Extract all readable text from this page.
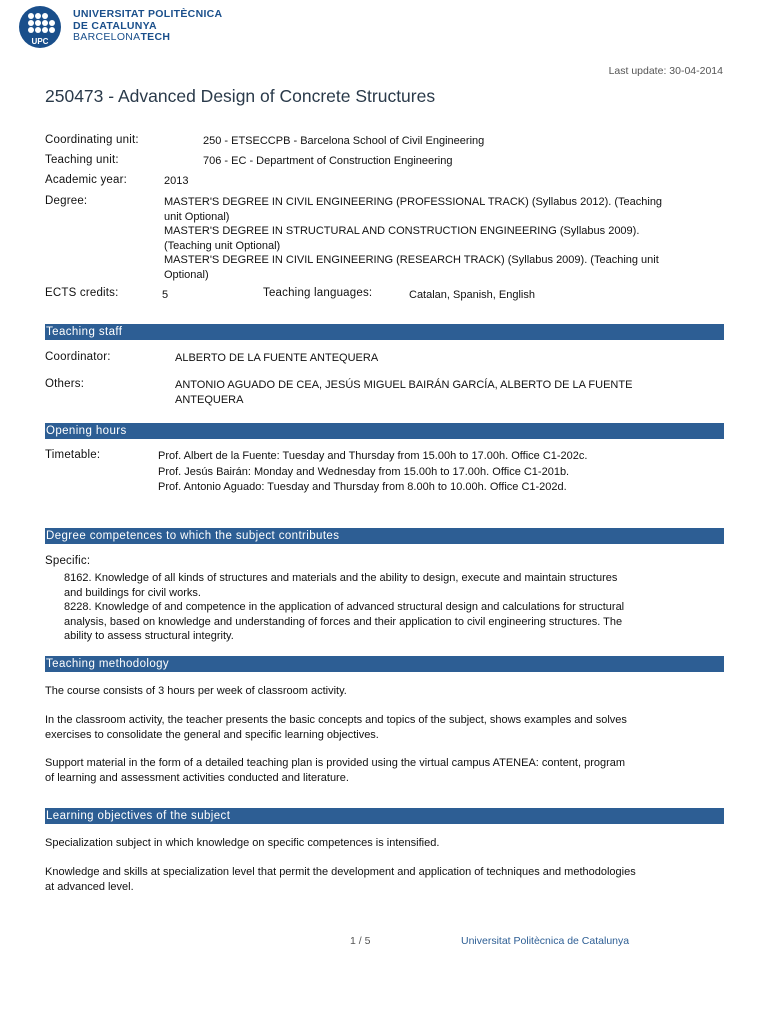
UPC
UNIVERSITAT POLITÈCNICA
DE CATALUNYA
BARCELONATECH
Last update: 30-04-2014
250473 - Advanced Design of Concrete Structures
Coordinating unit:	250 - ETSECCPB - Barcelona School of Civil Engineering
Teaching unit:	706 - EC - Department of Construction Engineering
Academic year:	2013
Degree:	MASTER'S DEGREE IN CIVIL ENGINEERING (PROFESSIONAL TRACK) (Syllabus 2012). (Teaching
unit Optional)
MASTER'S DEGREE IN STRUCTURAL AND CONSTRUCTION ENGINEERING (Syllabus 2009).
(Teaching unit Optional)
MASTER'S DEGREE IN CIVIL ENGINEERING (RESEARCH TRACK) (Syllabus 2009). (Teaching unit
Optional)
ECTS credits:	5	Teaching languages:	Catalan, Spanish, English
Teaching staff
Coordinator:	ALBERTO DE LA FUENTE ANTEQUERA
Others:	ANTONIO AGUADO DE CEA, JESÚS MIGUEL BAIRÁN GARCÍA, ALBERTO DE LA FUENTE
ANTEQUERA
Opening hours
Timetable:	Prof. Albert de la Fuente: Tuesday and Thursday from 15.00h to 17.00h. Office C1-202c.
Prof. Jesús Bairán: Monday and Wednesday from 15.00h to 17.00h. Office C1-201b.
Prof. Antonio Aguado: Tuesday and Thursday from 8.00h to 10.00h. Office C1-202d.
Degree competences to which the subject contributes
Specific:
8162. Knowledge of all kinds of structures and materials and the ability to design, execute and maintain structures
and buildings for civil works.
8228. Knowledge of and competence in the application of advanced structural design and calculations for structural
analysis, based on knowledge and understanding of forces and their application to civil engineering structures. The
ability to assess structural integrity.
Teaching methodology
The course consists of 3 hours per week of classroom activity.
In the classroom activity, the teacher presents the basic concepts and topics of the subject, shows examples and solves
exercises to consolidate the general and specific learning objectives.
Support material in the form of a detailed teaching plan is provided using the virtual campus ATENEA: content, program
of learning and assessment activities conducted and literature.
Learning objectives of the subject
Specialization subject in which knowledge on specific competences is intensified.
Knowledge and skills at specialization level that permit the development and application of techniques and methodologies
at advanced level.
1 / 5	Universitat Politècnica de Catalunya
